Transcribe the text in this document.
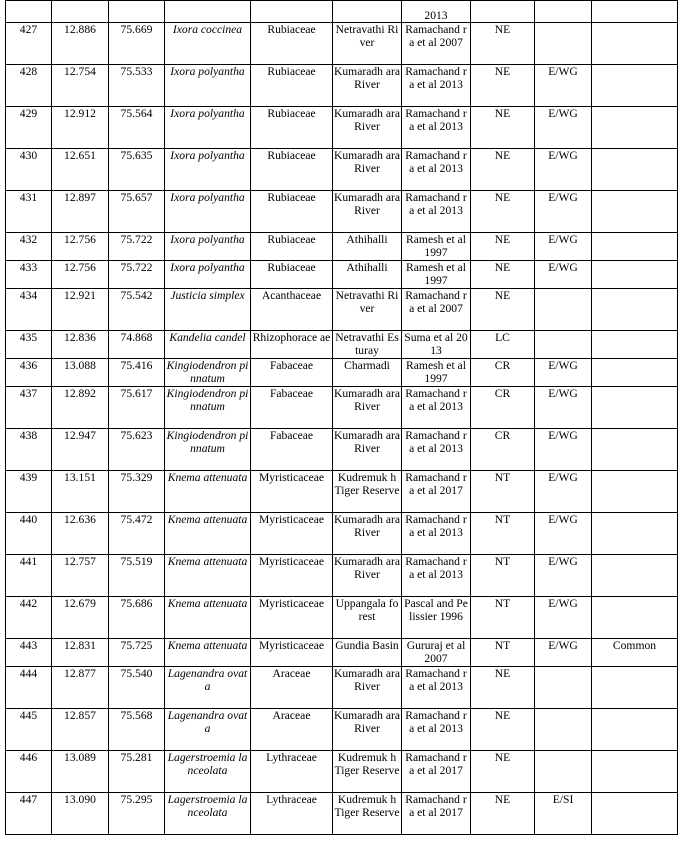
						2013			
427	12.886	75.669	Ixora coccinea	Rubiaceae	Netravathi River	Ramachand ra et al 2007	NE		
428	12.754	75.533	Ixora polyantha	Rubiaceae	Kumaradh ara River	Ramachand ra et al 2013	NE	E/WG	
429	12.912	75.564	Ixora polyantha	Rubiaceae	Kumaradh ara River	Ramachand ra et al 2013	NE	E/WG	
430	12.651	75.635	Ixora polyantha	Rubiaceae	Kumaradh ara River	Ramachand ra et al 2013	NE	E/WG	
431	12.897	75.657	Ixora polyantha	Rubiaceae	Kumaradh ara River	Ramachand ra et al 2013	NE	E/WG	
432	12.756	75.722	Ixora polyantha	Rubiaceae	Athihalli	Ramesh et al 1997	NE	E/WG	
433	12.756	75.722	Ixora polyantha	Rubiaceae	Athihalli	Ramesh et al 1997	NE	E/WG	
434	12.921	75.542	Justicia simplex	Acanthaceae	Netravathi River	Ramachand ra et al 2007	NE		
435	12.836	74.868	Kandelia candel	Rhizophorace ae	Netravathi Esturay	Suma et al 2013	LC		
436	13.088	75.416	Kingiodendron pinnatum	Fabaceae	Charmadi	Ramesh et al 1997	CR	E/WG	
437	12.892	75.617	Kingiodendron pinnatum	Fabaceae	Kumaradh ara River	Ramachand ra et al 2013	CR	E/WG	
438	12.947	75.623	Kingiodendron pinnatum	Fabaceae	Kumaradh ara River	Ramachand ra et al 2013	CR	E/WG	
439	13.151	75.329	Knema attenuata	Myristicaceae	Kudremuk h Tiger Reserve	Ramachand ra et al 2017	NT	E/WG	
440	12.636	75.472	Knema attenuata	Myristicaceae	Kumaradh ara River	Ramachand ra et al 2013	NT	E/WG	
441	12.757	75.519	Knema attenuata	Myristicaceae	Kumaradh ara River	Ramachand ra et al 2013	NT	E/WG	
442	12.679	75.686	Knema attenuata	Myristicaceae	Uppangala forest	Pascal and Pelissier 1996	NT	E/WG	
443	12.831	75.725	Knema attenuata	Myristicaceae	Gundia Basin	Gururaj et al 2007	NT	E/WG	Common
444	12.877	75.540	Lagenandra ovata	Araceae	Kumaradh ara River	Ramachand ra et al 2013	NE		
445	12.857	75.568	Lagenandra ovata	Araceae	Kumaradh ara River	Ramachand ra et al 2013	NE		
446	13.089	75.281	Lagerstroemia lanceolata	Lythraceae	Kudremuk h Tiger Reserve	Ramachand ra et al 2017	NE		
447	13.090	75.295	Lagerstroemia lanceolata	Lythraceae	Kudremuk h Tiger Reserve	Ramachand ra et al 2017	NE	E/SI	
